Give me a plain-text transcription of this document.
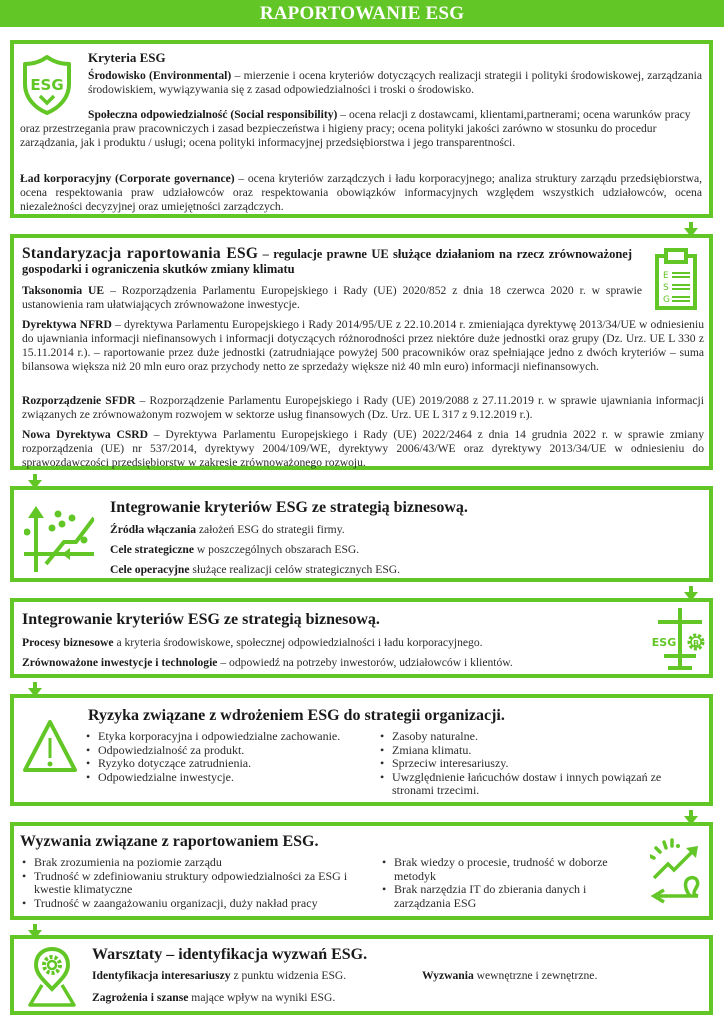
RAPORTOWANIE ESG
ESG
Kryteria ESG

Środowisko (Environmental) – mierzenie i ocena kryteriów dotyczących realizacji strategii i polityki środowiskowej, zarządzania środowiskiem, wywiązywania się z zasad odpowiedzialności i troski o środowisko.

Społeczna odpowiedzialność (Social responsibility) – ocena relacji z dostawcami, klientami,partnerami; ocena warunków pracy oraz przestrzegania praw pracowniczych i zasad bezpieczeństwa i higieny pracy; ocena polityki jakości zarówno w stosunku do procedur zarządzania, jak i produktu / usługi; ocena polityki informacyjnej przedsiębiorstwa i jego transparentności.

Ład korporacyjny (Corporate governance) – ocena kryteriów zarządczych i ładu korporacyjnego; analiza struktury zarządu przedsiębiorstwa, ocena respektowania praw udziałowców oraz respektowania obowiązków informacyjnych względem wszystkich udziałowców, ocena niezależności decyzyjnej oraz umiejętności zarządczych.

Standaryzacja raportowania ESG – regulacje prawne UE służące działaniom na rzecz zrównoważonej gospodarki i ograniczenia skutków zmiany klimatu	E
S
G

Taksonomia UE – Rozporządzenia Parlamentu Europejskiego i Rady (UE) 2020/852 z dnia 18 czerwca 2020 r. w sprawie ustanowienia ram ułatwiających zrównoważone inwestycje.

Dyrektywa NFRD – dyrektywa Parlamentu Europejskiego i Rady 2014/95/UE z 22.10.2014 r. zmieniająca dyrektywę 2013/34/UE w odniesieniu do ujawniania informacji niefinansowych i informacji dotyczących różnorodności przez niektóre duże jednostki oraz grupy (Dz. Urz. UE L 330 z 15.11.2014 r.). – raportowanie przez duże jednostki (zatrudniające powyżej 500 pracowników oraz spełniające jedno z dwóch kryteriów – suma bilansowa większa niż 20 mln euro oraz przychody netto ze sprzedaży większe niż 40 mln euro) informacji niefinansowych.

Rozporządzenie SFDR – Rozporządzenie Parlamentu Europejskiego i Rady (UE) 2019/2088 z 27.11.2019 r. w sprawie ujawniania informacji związanych ze zrównoważonym rozwojem w sektorze usług finansowych (Dz. Urz. UE L 317 z 9.12.2019 r.).

Nowa Dyrektywa CSRD – Dyrektywa Parlamentu Europejskiego i Rady (UE) 2022/2464 z dnia 14 grudnia 2022 r. w sprawie zmiany rozporządzenia (UE) nr 537/2014, dyrektywy 2004/109/WE, dyrektywy 2006/43/WE oraz dyrektywy 2013/34/UE w odniesieniu do sprawozdawczości przedsiębiorstw w zakresie zrównoważonego rozwoju.

Integrowanie kryteriów ESG ze strategią biznesową.

Źródła włączania założeń ESG do strategii firmy.

Cele strategiczne w poszczególnych obszarach ESG.

Cele operacyjne służące realizacji celów strategicznych ESG.

Integrowanie kryteriów ESG ze strategią biznesową.

Procesy biznesowe a kryteria środowiskowe, społecznej odpowiedzialności i ładu korporacyjnego.

Zrównoważone inwestycje i technologie – odpowiedź na potrzeby inwestorów, udziałowców i klientów.

ESG B
Ryzyka związane z wdrożeniem ESG do strategii organizacji.
• Etyka korporacyjna i odpowiedzialne zachowanie.
• Odpowiedzialność za produkt.
• Ryzyko dotyczące zatrudnienia.
• Odpowiedzialne inwestycje.
• Zasoby naturalne.
• Zmiana klimatu.
• Sprzeciw interesariuszy.
• Uwzględnienie łańcuchów dostaw i innych powiązań ze stronami trzecimi.
Wyzwania związane z raportowaniem ESG.
• Brak zrozumienia na poziomie zarządu
• Trudność w zdefiniowaniu struktury odpowiedzialności za ESG i kwestie klimatyczne
• Trudność w zaangażowaniu organizacji, duży nakład pracy
• Brak wiedzy o procesie, trudność w doborze metodyk
• Brak narzędzia IT do zbierania danych i zarządzania ESG
Warsztaty – identyfikacja wyzwań ESG.

Identyfikacja interesariuszy z punktu widzenia ESG.	Wyzwania wewnętrzne i zewnętrzne.

Zagrożenia i szanse mające wpływ na wyniki ESG.
